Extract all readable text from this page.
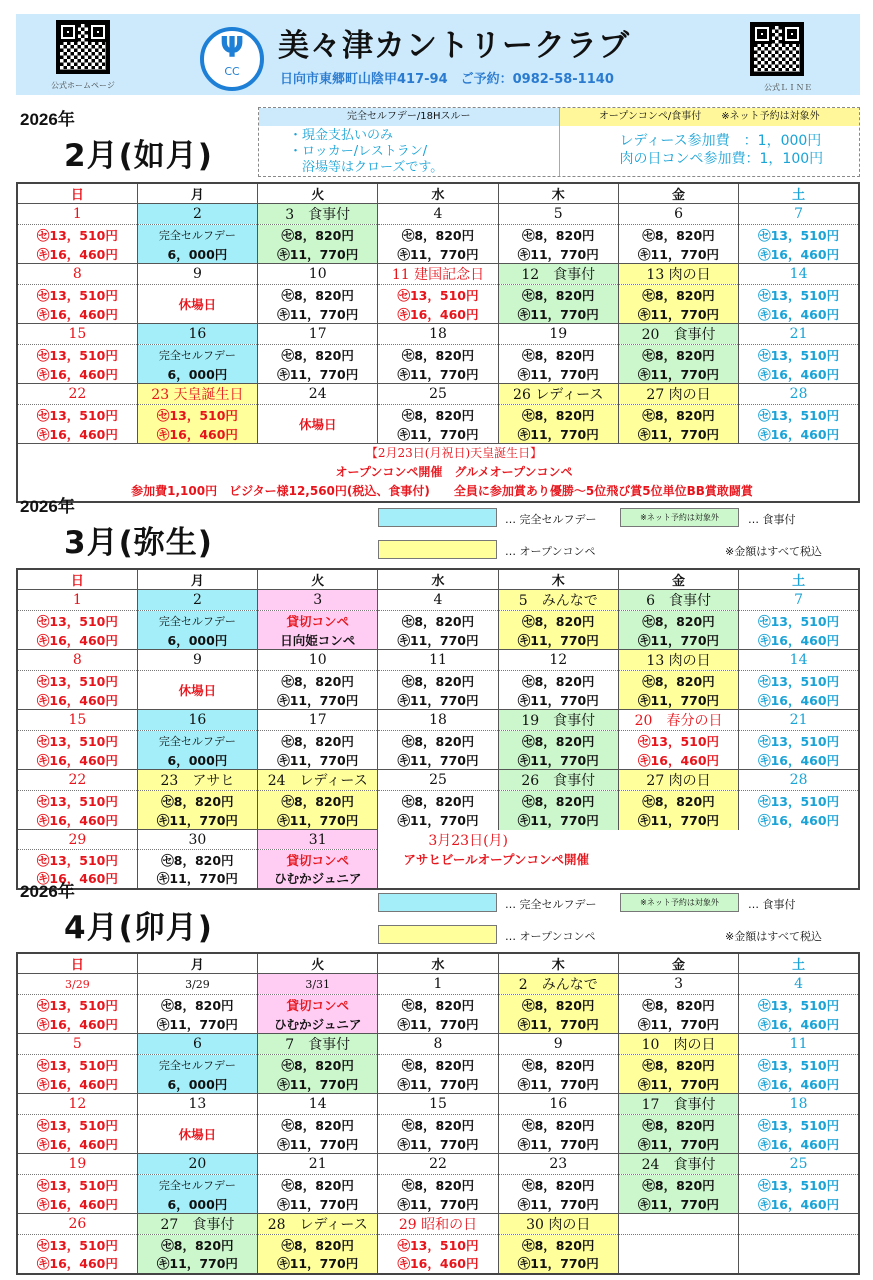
公式ホームページ	公式ＬＩＮＥ
Ψ
CC
美々津カントリークラブ
日向市東郷町山陰甲417-94　ご予約：0982-58-1140
完全セルフデー/18Hスルー
・現金支払いのみ
・ロッカー/レストラン/
　浴場等はクローズです。
オープンコンペ/食事付　　※ネット予約は対象外
レディース参加費　：1，000円
肉の日コンペ参加費：1，100円
2026年
2月(如月)
日	月	火	水	木	金	土
1	2	3　食事付	4	5	6	7
㋝13，510円	完全セルフデー	㋝8，820円	㋝8，820円	㋝8，820円	㋝8，820円	㋝13，510円
㋖16，460円	6，000円	㋖11，770円	㋖11，770円	㋖11，770円	㋖11，770円	㋖16，460円
8	9	10	11 建国記念日	12　食事付	13 肉の日	14
㋝13，510円	休場日	㋝8，820円	㋝13，510円	㋝8，820円	㋝8，820円	㋝13，510円
㋖16，460円		㋖11，770円	㋖16，460円	㋖11，770円	㋖11，770円	㋖16，460円
15	16	17	18	19	20　食事付	21
㋝13，510円	完全セルフデー	㋝8，820円	㋝8，820円	㋝8，820円	㋝8，820円	㋝13，510円
㋖16，460円	6，000円	㋖11，770円	㋖11，770円	㋖11，770円	㋖11，770円	㋖16，460円
22	23 天皇誕生日	24	25	26 レディース	27 肉の日	28
㋝13，510円	㋝13，510円	休場日	㋝8，820円	㋝8，820円	㋝8，820円	㋝13，510円
㋖16，460円	㋖16，460円		㋖11，770円	㋖11，770円	㋖11，770円	㋖16，460円

【2月23日(月祝日)天皇誕生日】
オープンコンペ開催　グルメオープンコンペ
参加費1,100円　ビジター様12,560円(税込、食事付)　　全員に参加賞あり優勝～5位飛び賞5位単位BB賞敢闘賞						
2026年
3月(弥生)
… 完全セルフデー	※ネット予約は対象外	… 食事付
… オープンコンペ	※金額はすべて税込
日	月	火	水	木	金	土
1	2	3	4	5　みんなで	6　食事付	7
㋝13，510円	完全セルフデー	貸切コンペ	㋝8，820円	㋝8，820円	㋝8，820円	㋝13，510円
㋖16，460円	6，000円	日向姫コンペ	㋖11，770円	㋖11，770円	㋖11，770円	㋖16，460円
8	9	10	11	12	13 肉の日	14
㋝13，510円	休場日	㋝8，820円	㋝8，820円	㋝8，820円	㋝8，820円	㋝13，510円
㋖16，460円		㋖11，770円	㋖11，770円	㋖11，770円	㋖11，770円	㋖16，460円
15	16	17	18	19　食事付	20　春分の日	21
㋝13，510円	完全セルフデー	㋝8，820円	㋝8，820円	㋝8，820円	㋝13，510円	㋝13，510円
㋖16，460円	6，000円	㋖11，770円	㋖11，770円	㋖11，770円	㋖16，460円	㋖16，460円
22	23　アサヒ	24　レディース	25	26　食事付	27 肉の日	28
㋝13，510円	㋝8，820円	㋝8，820円	㋝8，820円	㋝8，820円	㋝8，820円	㋝13，510円
㋖16，460円	㋖11，770円	㋖11，770円	㋖11，770円	㋖11，770円	㋖11，770円	㋖16，460円
29	30	31	3月23日(月)			
㋝13，510円	㋝8，820円	貸切コンペ	アサヒビールオープンコンペ開催			
㋖16，460円	㋖11，770円	ひむかジュニア				
2026年
4月(卯月)
… 完全セルフデー	※ネット予約は対象外	… 食事付
… オープンコンペ	※金額はすべて税込
日	月	火	水	木	金	土
3/29	3/29	3/31	1	2　みんなで	3	4
㋝13，510円	㋝8，820円	貸切コンペ	㋝8，820円	㋝8，820円	㋝8，820円	㋝13，510円
㋖16，460円	㋖11，770円	ひむかジュニア	㋖11，770円	㋖11，770円	㋖11，770円	㋖16，460円
5	6	7　食事付	8	9	10　肉の日	11
㋝13，510円	完全セルフデー	㋝8，820円	㋝8，820円	㋝8，820円	㋝8，820円	㋝13，510円
㋖16，460円	6，000円	㋖11，770円	㋖11，770円	㋖11，770円	㋖11，770円	㋖16，460円
12	13	14	15	16	17　食事付	18
㋝13，510円	休場日	㋝8，820円	㋝8，820円	㋝8，820円	㋝8，820円	㋝13，510円
㋖16，460円		㋖11，770円	㋖11，770円	㋖11，770円	㋖11，770円	㋖16，460円
19	20	21	22	23	24　食事付	25
㋝13，510円	完全セルフデー	㋝8，820円	㋝8，820円	㋝8，820円	㋝8，820円	㋝13，510円
㋖16，460円	6，000円	㋖11，770円	㋖11，770円	㋖11，770円	㋖11，770円	㋖16，460円
26	27　食事付	28　レディース	29 昭和の日	30 肉の日		
㋝13，510円	㋝8，820円	㋝8，820円	㋝13，510円	㋝8，820円		
㋖16，460円	㋖11，770円	㋖11，770円	㋖16，460円	㋖11，770円		
